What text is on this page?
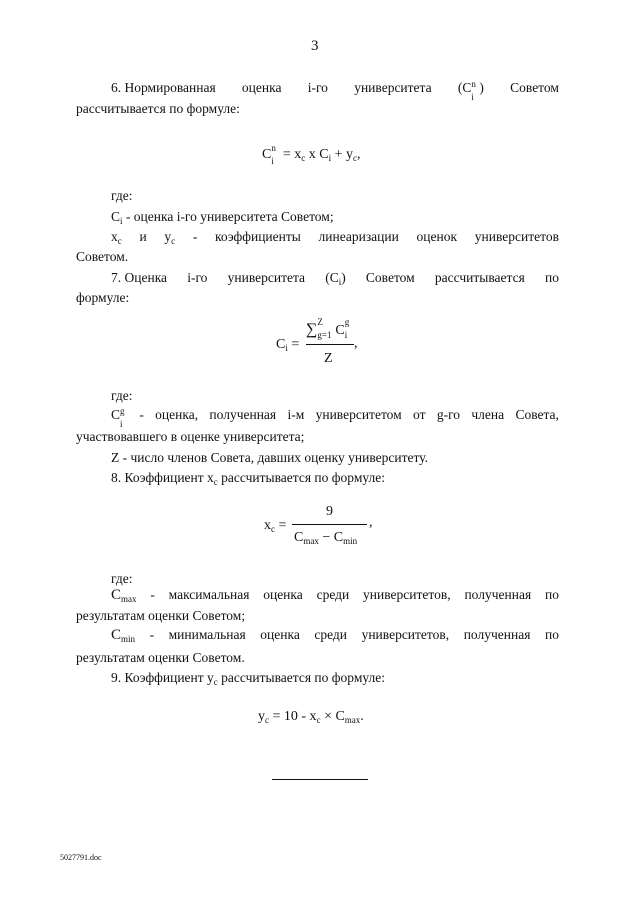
3
6. Нормированная оценка i-го университета (C n
i
) Советом
рассчитывается по формуле:
C n
$i = x_c$ x $C_i + y_c$,
где:
$C_i$ - оценка i-го университета Советом;
$x_c$ и $y_c$ - коэффициенты линеаризации оценок университетов
Советом.
7. Оценка i-го университета $(C_i)$ Советом рассчитывается по
формуле:
$C_i$ =
∑ Z
g=1 C
g
i
,
Z
где:
C g
i
- оценка, полученная i-м университетом от g-го члена Совета,
участвовавшего в оценке университета;
Z - число членов Совета, давших оценку университету.
8. Коэффициент $x_c$ рассчитывается по формуле:
$x_c$ =
9
,
$C_{max} - C_{min}$
где:
$C_{max}$ - максимальная оценка среди университетов, полученная по
результатам оценки Советом;
$C_{min}$ - минимальная оценка среди университетов, полученная по
результатам оценки Советом.
9. Коэффициент $y_c$ рассчитывается по формуле:
$y_c = 10 - x_c \times C_{max}$.
5027791.doc
